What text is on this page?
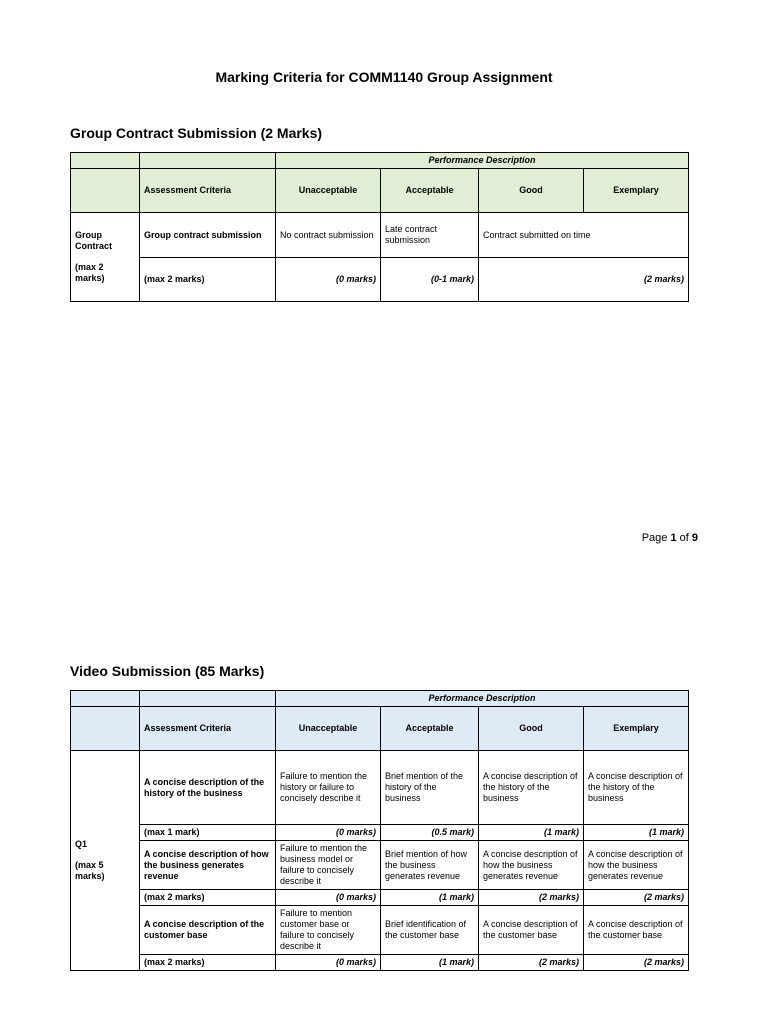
Marking Criteria for COMM1140 Group Assignment
Group Contract Submission (2 Marks)
		Performance Description			
	Assessment Criteria	Unacceptable	Acceptable	Good	Exemplary
Group Contract
(max 2 marks)	Group contract submission	No contract submission	Late contract submission	Contract submitted on time	
	(max 2 marks)	(0 marks)	(0-1 mark)	(2 marks)	
Page 1 of 9
Video Submission (85 Marks)
		Performance Description			
	Assessment Criteria	Unacceptable	Acceptable	Good	Exemplary
Q1
(max 5 marks)	A concise description of the history of the business	Failure to mention the history or failure to concisely describe it	Brief mention of the history of the business	A concise description of the history of the business	A concise description of the history of the business
	(max 1 mark)	(0 marks)	(0.5 mark)	(1 mark)	(1 mark)
	A concise description of how the business generates revenue	Failure to mention the business model or failure to concisely describe it	Brief mention of how the business generates revenue	A concise description of how the business generates revenue	A concise description of how the business generates revenue
	(max 2 marks)	(0 marks)	(1 mark)	(2 marks)	(2 marks)
	A concise description of the customer base	Failure to mention customer base or failure to concisely describe it	Brief identification of the customer base	A concise description of the customer base	A concise description of the customer base
	(max 2 marks)	(0 marks)	(1 mark)	(2 marks)	(2 marks)
